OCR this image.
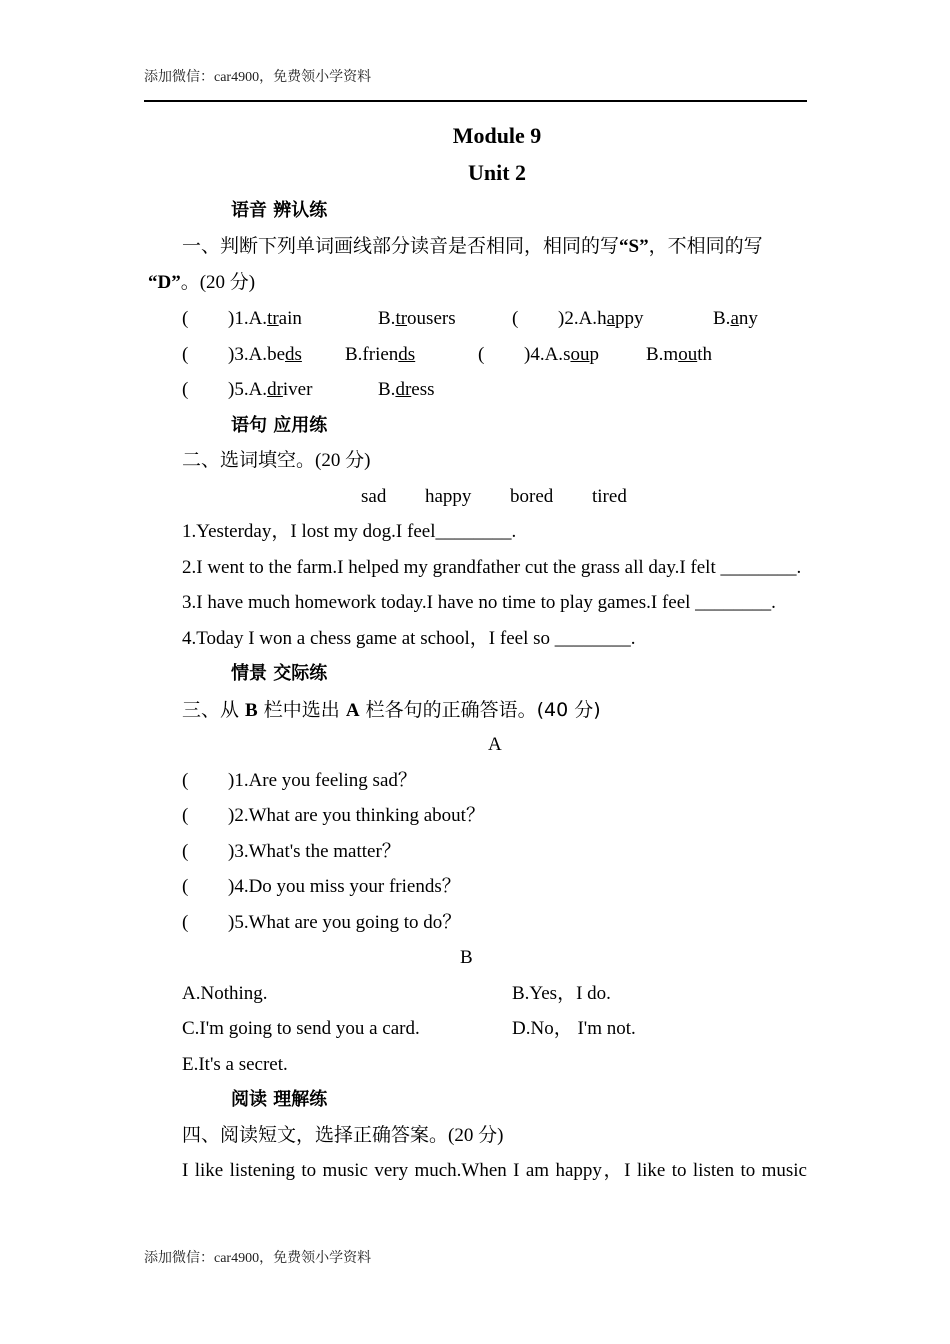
添加微信：car4900，免费领小学资料
Module 9
Unit 2
语音 辨认练
一、判断下列单词画线部分读音是否相同，相同的写“S”，不相同的写
“D”。(20 分)
( )1.A.train	B.trousers	( )2.A.happy	B.any
( )3.A.beds B.friends	( )4.A.soup B.mouth
( )5.A.driver	B.dress
语句 应用练
二、选词填空。(20 分)
sad happy bored tired
1.Yesterday，I lost my dog.I feel________.
2.I went to the farm.I helped my grandfather cut the grass all day.I felt ________.
3.I have much homework today.I have no time to play games.I feel ________.
4.Today I won a chess game at school，I feel so ________.
情景 交际练
三、从 B 栏中选出 A 栏各句的正确答语。(40 分)
A
( )1.Are you feeling sad？
( )2.What are you thinking about？
( )3.What's the matter？
( )4.Do you miss your friends？
( )5.What are you going to do？
B
A.Nothing.	B.Yes，I do.
C.I'm going to send you a card.	D.No， I'm not.
E.It's a secret.
阅读 理解练
四、阅读短文，选择正确答案。(20 分)
I like listening to music very much.When I am happy，I like to listen to music
添加微信：car4900，免费领小学资料
